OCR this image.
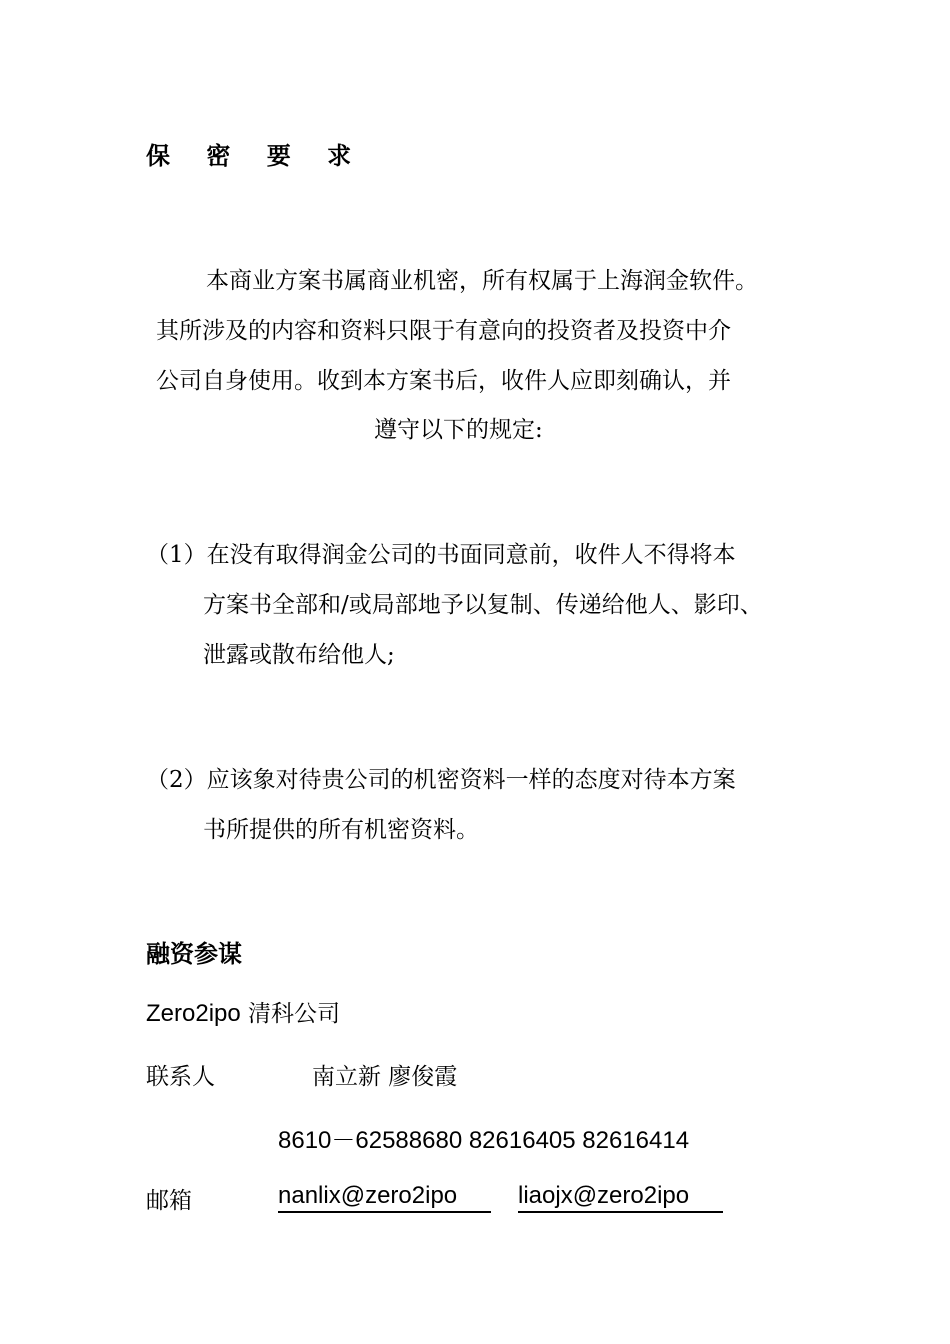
保 密 要 求
本商业方案书属商业机密，所有权属于上海润金软件。
其所涉及的内容和资料只限于有意向的投资者及投资中介
公司自身使用。收到本方案书后，收件人应即刻确认，并
遵守以下的规定:
（1）在没有取得润金公司的书面同意前，收件人不得将本
方案书全部和/或局部地予以复制、传递给他人、影印、
泄露或散布给他人;
（2）应该象对待贵公司的机密资料一样的态度对待本方案
书所提供的所有机密资料。
融资参谋
Zero2ipo 清科公司
联系人	南立新 廖俊霞
8610－62588680 82616405 82616414
邮箱	nanlix@zero2ipo	liaojx@zero2ipo
